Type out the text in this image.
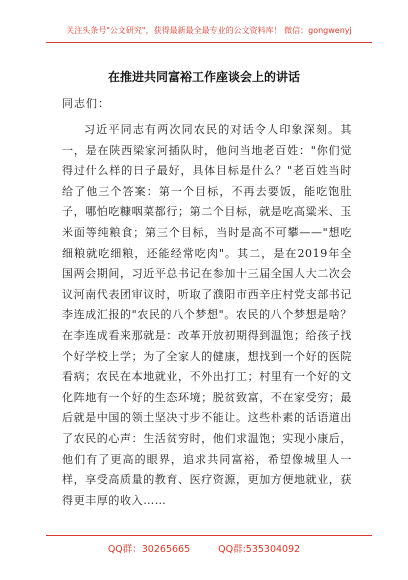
关注头条号"公文研究"，获得最新最全最专业的公文资料库！ 微信：gongwenyj
在推进共同富裕工作座谈会上的讲话
同志们：

习近平同志有两次同农民的对话令人印象深刻。其一，是在陕西梁家河插队时，他问当地老百姓："你们觉得过什么样的日子最好，具体目标是什么？"老百姓当时给了他三个答案：第一个目标，不再去要饭，能吃饱肚子，哪怕吃糠咽菜都行；第二个目标，就是吃高粱米、玉米面等纯粮食；第三个目标，当时是高不可攀——"想吃细粮就吃细粮，还能经常吃肉"。其二，是在2019年全国两会期间，习近平总书记在参加十三届全国人大二次会议河南代表团审议时，听取了濮阳市西辛庄村党支部书记李连成汇报的"农民的八个梦想"。农民的八个梦想是啥？在李连成看来那就是：改革开放初期得到温饱；给孩子找个好学校上学；为了全家人的健康，想找到一个好的医院看病；农民在本地就业，不外出打工；村里有一个好的文化阵地有一个好的生态环境；脱贫致富，不在家受穷；最后就是中国的领土坚决寸步不能让。这些朴素的话语道出了农民的心声：生活贫穷时，他们求温饱；实现小康后，他们有了更高的眼界，追求共同富裕，希望像城里人一样，享受高质量的教育、医疗资源，更加方便地就业，获得更丰厚的收入……

QQ群：30265665	QQ群:535304092
